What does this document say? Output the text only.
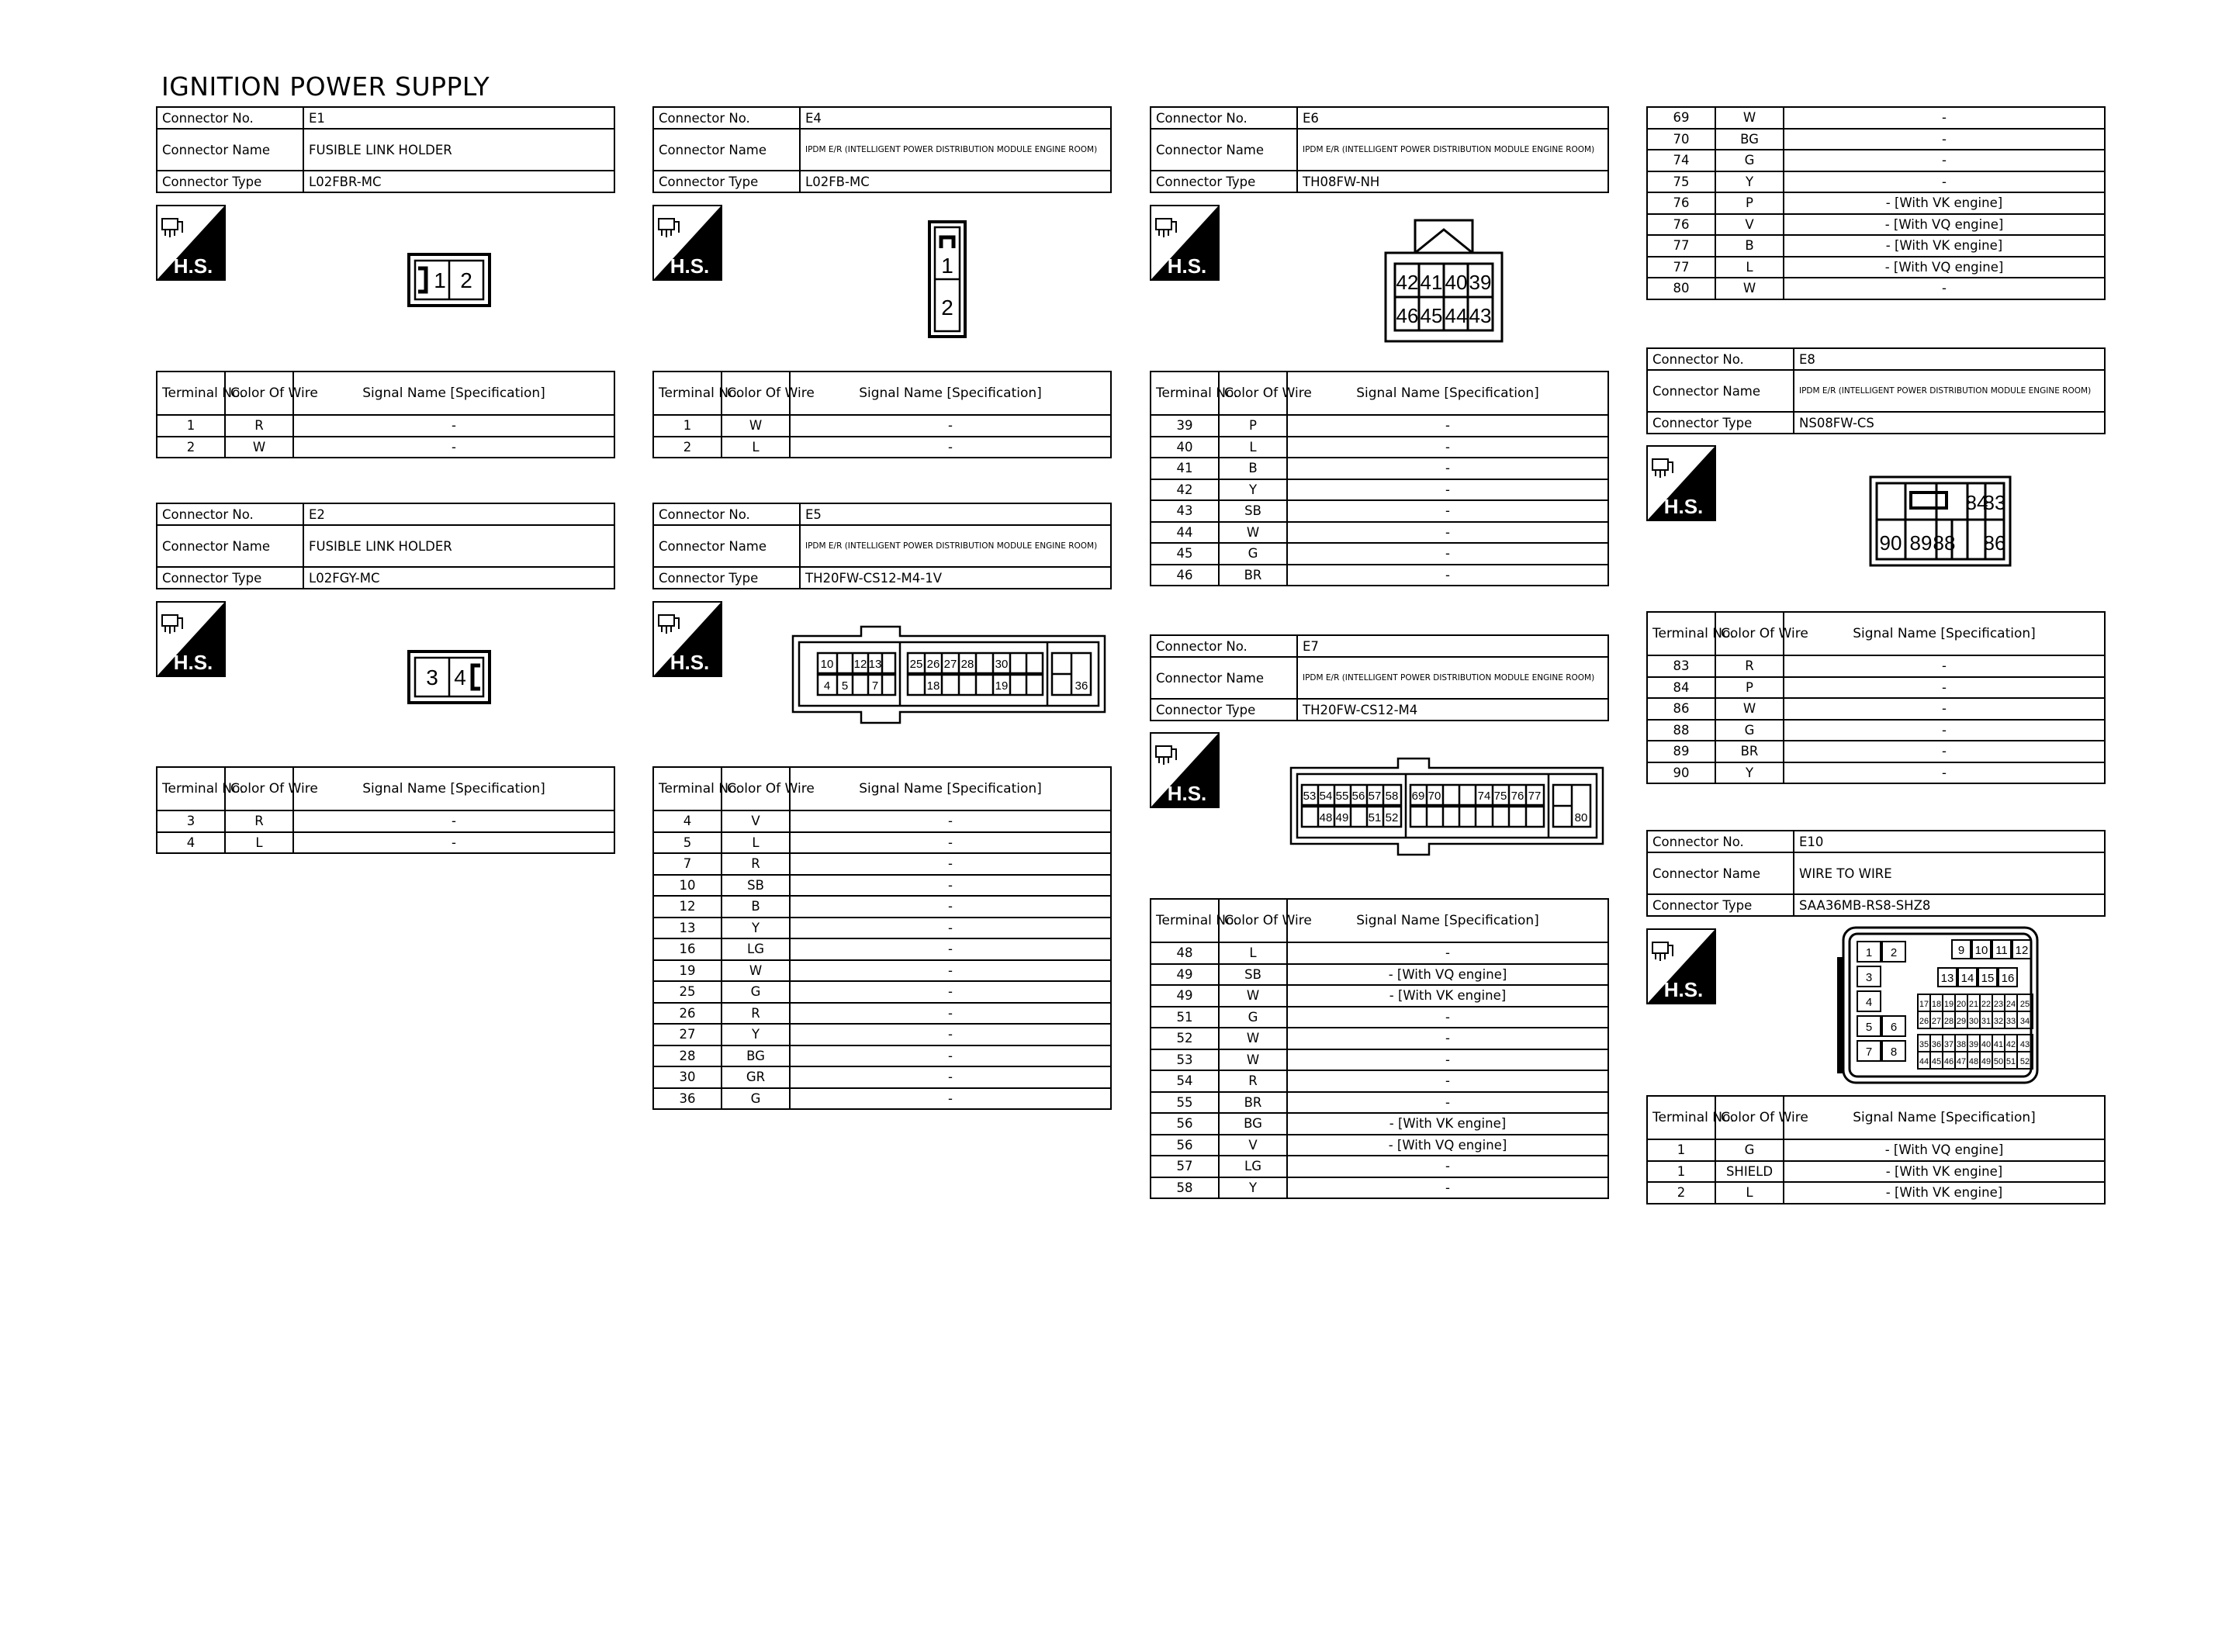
IGNITION POWER SUPPLY
Connector No.	E1
Connector Name	FUSIBLE LINK HOLDER
Connector Type	L02FBR-MC
H.S.
1 2
Terminal No.	Color Of Wire	Signal Name [Specification]
1	R	-
2	W	-
Connector No.	E2
Connector Name	FUSIBLE LINK HOLDER
Connector Type	L02FGY-MC
H.S.
3 4
Terminal No.	Color Of Wire	Signal Name [Specification]
3	R	-
4	L	-
Connector No.	E4
Connector Name	IPDM E/R (INTELLIGENT POWER DISTRIBUTION MODULE ENGINE ROOM)
Connector Type	L02FB-MC
H.S.	1
2
Terminal No.	Color Of Wire	Signal Name [Specification]
1	W	-
2	L	-
Connector No.	E5
Connector Name	IPDM E/R (INTELLIGENT POWER DISTRIBUTION MODULE ENGINE ROOM)
Connector Type	TH20FW-CS12-M4-1V
H.S.	10 12 13
4 5 7
25 26 27 28 30
18	19	36
Terminal No.	Color Of Wire	Signal Name [Specification]
4	V	-
5	L	-
7	R	-
10	SB	-
12	B	-
13	Y	-
16	LG	-
19	W	-
25	G	-
26	R	-
27	Y	-
28	BG	-
30	GR	-
36	G	-
Connector No.	E6
Connector Name	IPDM E/R (INTELLIGENT POWER DISTRIBUTION MODULE ENGINE ROOM)
Connector Type	TH08FW-NH
H.S.
42 41 40 39
46 45 44 43
Terminal No.	Color Of Wire	Signal Name [Specification]
39	P	-
40	L	-
41	B	-
42	Y	-
43	SB	-
44	W	-
45	G	-
46	BR	-
Connector No.	E7
Connector Name	IPDM E/R (INTELLIGENT POWER DISTRIBUTION MODULE ENGINE ROOM)
Connector Type	TH20FW-CS12-M4
H.S.	53 54 55 56 57 58 69 70	74 75 76 77
48 49 51 52	80
Terminal No.	Color Of Wire	Signal Name [Specification]
48	L	-
49	SB	- [With VQ engine]
49	W	- [With VK engine]
51	G	-
52	W	-
53	W	-
54	R	-
55	BR	-
56	BG	- [With VK engine]
56	V	- [With VQ engine]
57	LG	-
58	Y	-
69	W	-
70	BG	-
74	G	-
75	Y	-
76	P	- [With VK engine]
76	V	- [With VQ engine]
77	B	- [With VK engine]
77	L	- [With VQ engine]
80	W	-
Connector No.	E8
Connector Name	IPDM E/R (INTELLIGENT POWER DISTRIBUTION MODULE ENGINE ROOM)
Connector Type	NS08FW-CS
H.S.	84
83
90 89 88 86
Terminal No.	Color Of Wire	Signal Name [Specification]
83	R	-
84	P	-
86	W	-
88	G	-
89	BR	-
90	Y	-
Connector No.	E10
Connector Name	WIRE TO WIRE
Connector Type	SAA36MB-RS8-SHZ8
H.S.
1 2	9 10 11 12
3	13 14 15 16
4	17 18 19 20 21 22 23 24 25
5 6	26 27 28 29 30 31 32 33 34
7 8
35 36 37 38 39 40 41 42 43
44 45 46 47 48 49 50 51 52
Terminal No.	Color Of Wire	Signal Name [Specification]
1	G	- [With VQ engine]
1	SHIELD	- [With VK engine]
2	L	- [With VK engine]
